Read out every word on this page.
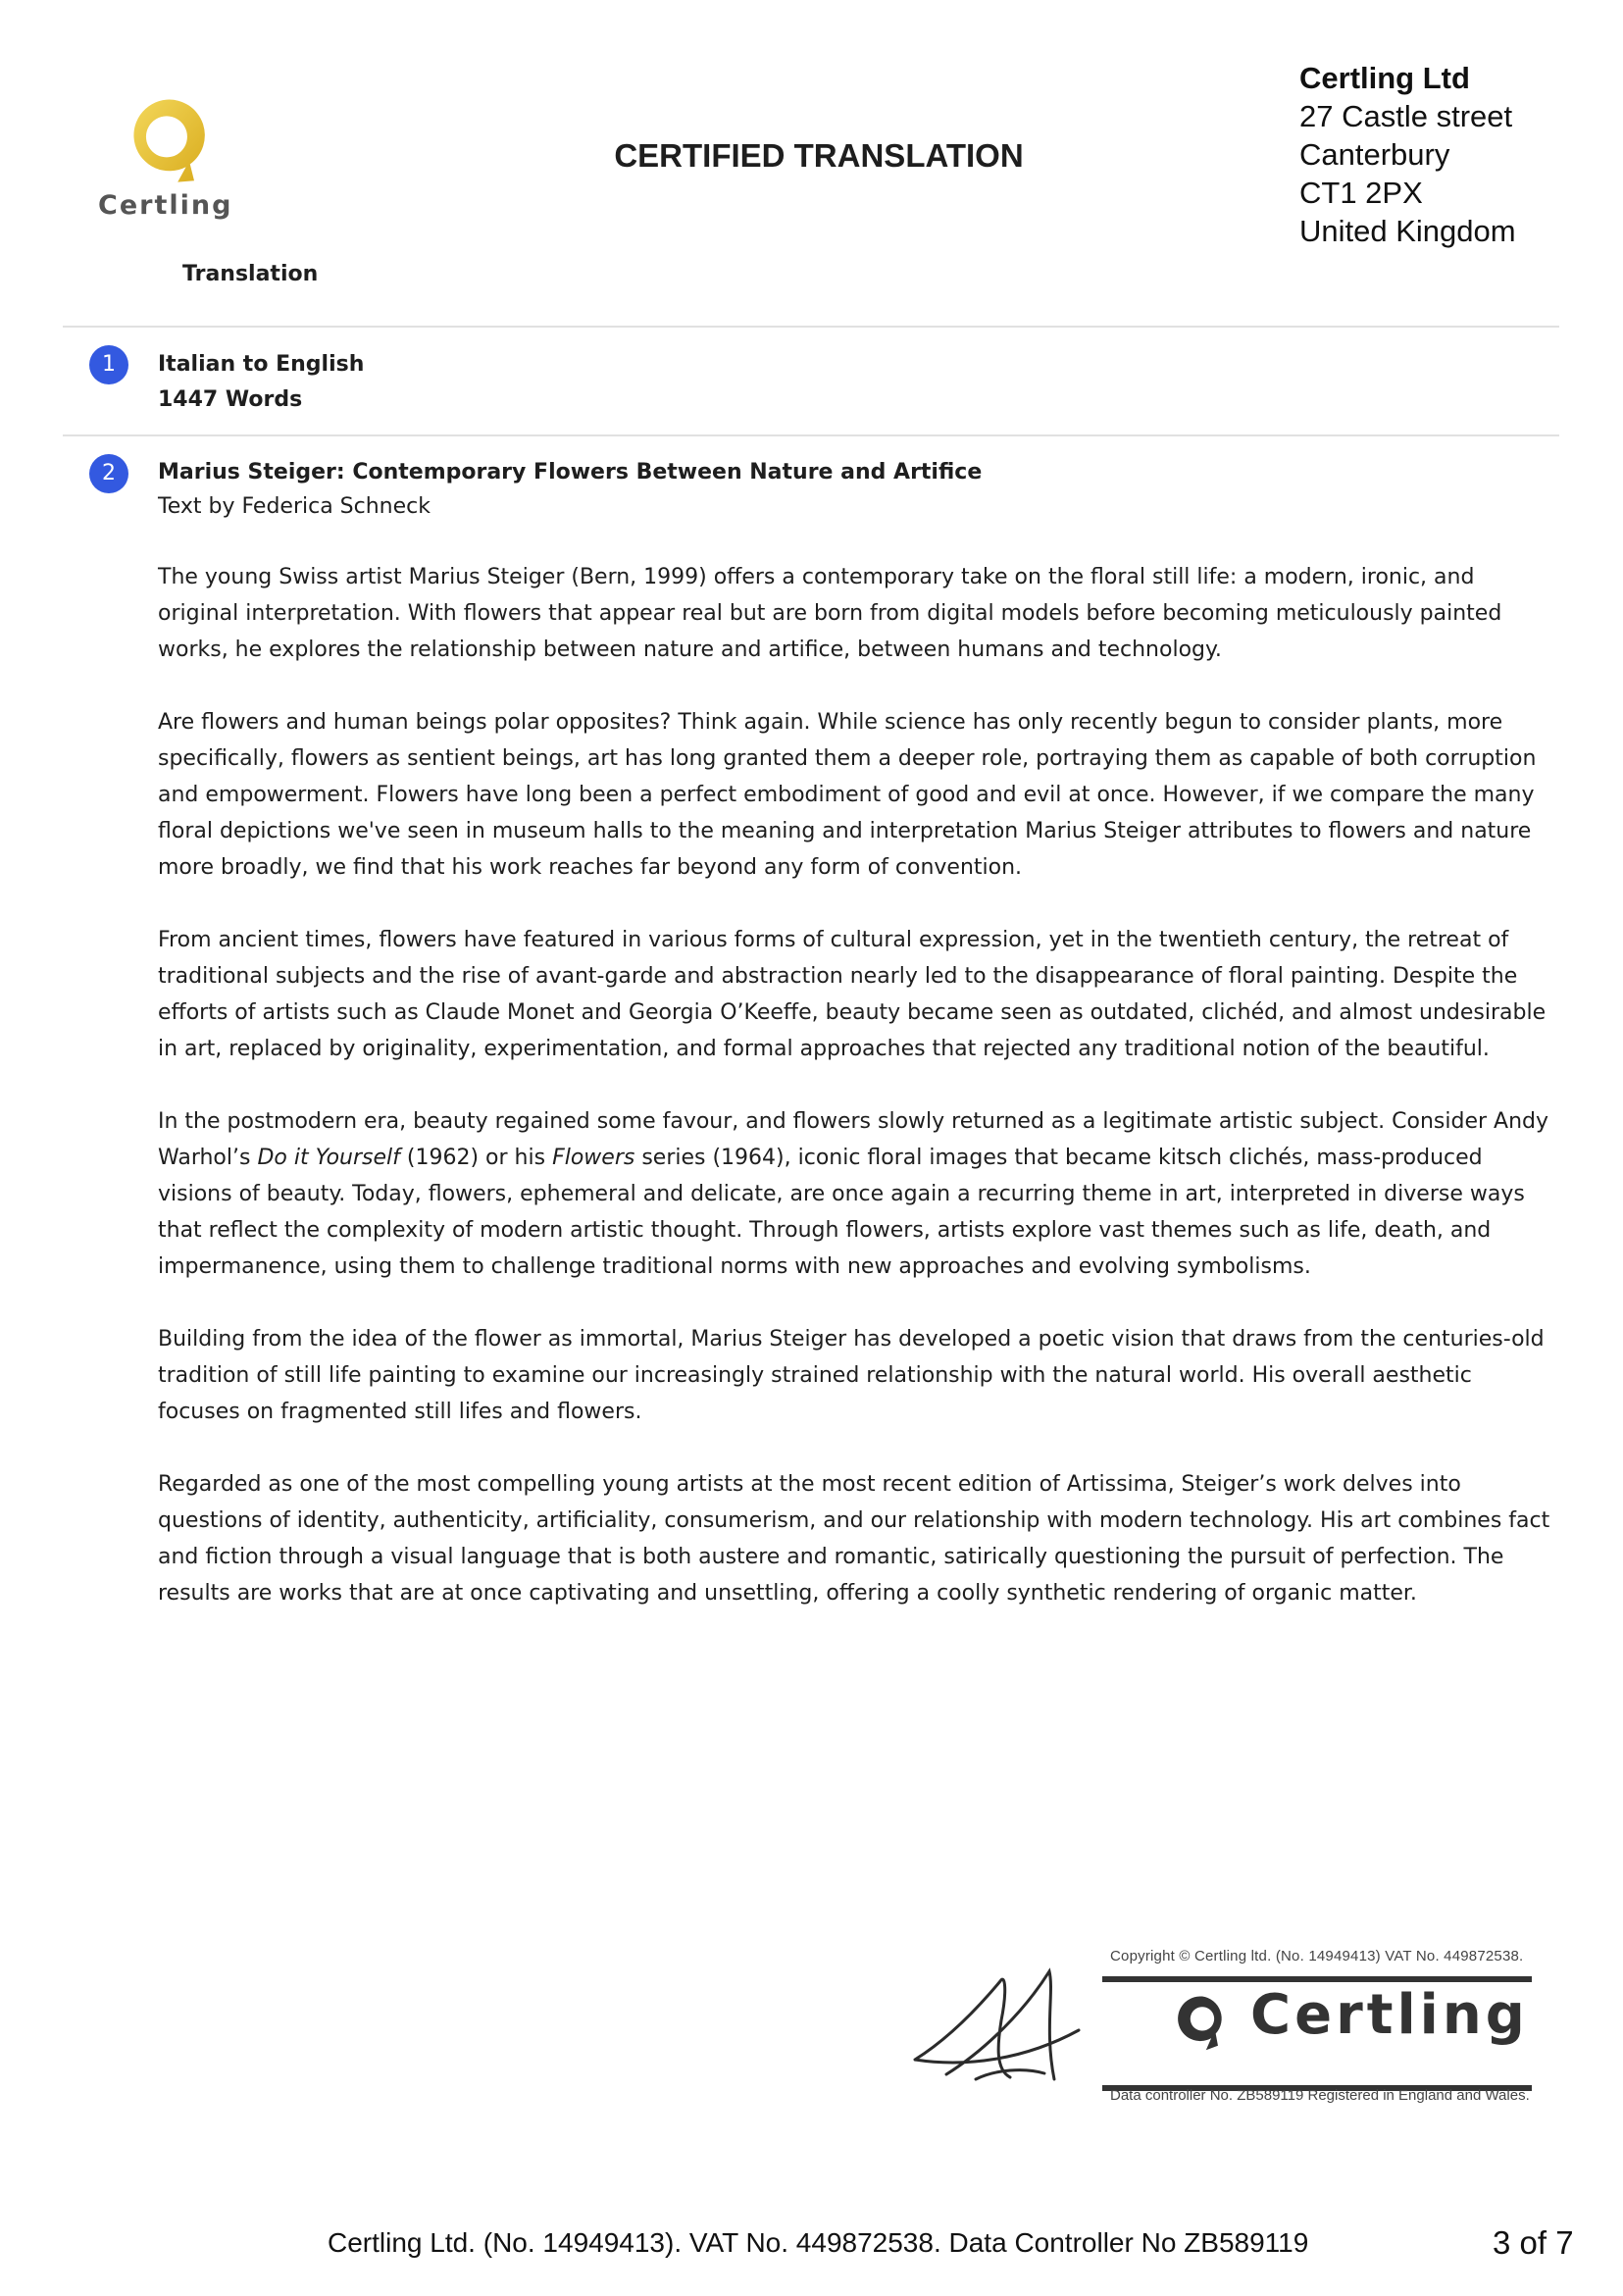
Certling
Translation
CERTIFIED TRANSLATION
Certling Ltd
27 Castle street
Canterbury
CT1 2PX
United Kingdom
1	Italian to English
1447 Words
2	Marius Steiger: Contemporary Flowers Between Nature and Artifice
Text by Federica Schneck

The young Swiss artist Marius Steiger (Bern, 1999) offers a contemporary take on the floral still life: a modern, ironic, and original interpretation. With flowers that appear real but are born from digital models before becoming meticulously painted works, he explores the relationship between nature and artifice, between humans and technology.

Are flowers and human beings polar opposites? Think again. While science has only recently begun to consider plants, more specifically, flowers as sentient beings, art has long granted them a deeper role, portraying them as capable of both corruption and empowerment. Flowers have long been a perfect embodiment of good and evil at once. However, if we compare the many floral depictions we've seen in museum halls to the meaning and interpretation Marius Steiger attributes to flowers and nature more broadly, we find that his work reaches far beyond any form of convention.

From ancient times, flowers have featured in various forms of cultural expression, yet in the twentieth century, the retreat of traditional subjects and the rise of avant-garde and abstraction nearly led to the disappearance of floral painting. Despite the efforts of artists such as Claude Monet and Georgia O’Keeffe, beauty became seen as outdated, clichéd, and almost undesirable in art, replaced by originality, experimentation, and formal approaches that rejected any traditional notion of the beautiful.

In the postmodern era, beauty regained some favour, and flowers slowly returned as a legitimate artistic subject. Consider Andy Warhol’s Do it Yourself (1962) or his Flowers series (1964), iconic floral images that became kitsch clichés, mass-produced visions of beauty. Today, flowers, ephemeral and delicate, are once again a recurring theme in art, interpreted in diverse ways that reflect the complexity of modern artistic thought. Through flowers, artists explore vast themes such as life, death, and impermanence, using them to challenge traditional norms with new approaches and evolving symbolisms.

Building from the idea of the flower as immortal, Marius Steiger has developed a poetic vision that draws from the centuries-old tradition of still life painting to examine our increasingly strained relationship with the natural world. His overall aesthetic focuses on fragmented still lifes and flowers.

Regarded as one of the most compelling young artists at the most recent edition of Artissima, Steiger’s work delves into questions of identity, authenticity, artificiality, consumerism, and our relationship with modern technology. His art combines fact and fiction through a visual language that is both austere and romantic, satirically questioning the pursuit of perfection. The results are works that are at once captivating and unsettling, offering a coolly synthetic rendering of organic matter.

Copyright © Certling ltd. (No. 14949413) VAT No. 449872538.
Certling
Data controller No. ZB589119 Registered in England and Wales.
Certling Ltd. (No. 14949413). VAT No. 449872538. Data Controller No ZB589119	3 of 7
